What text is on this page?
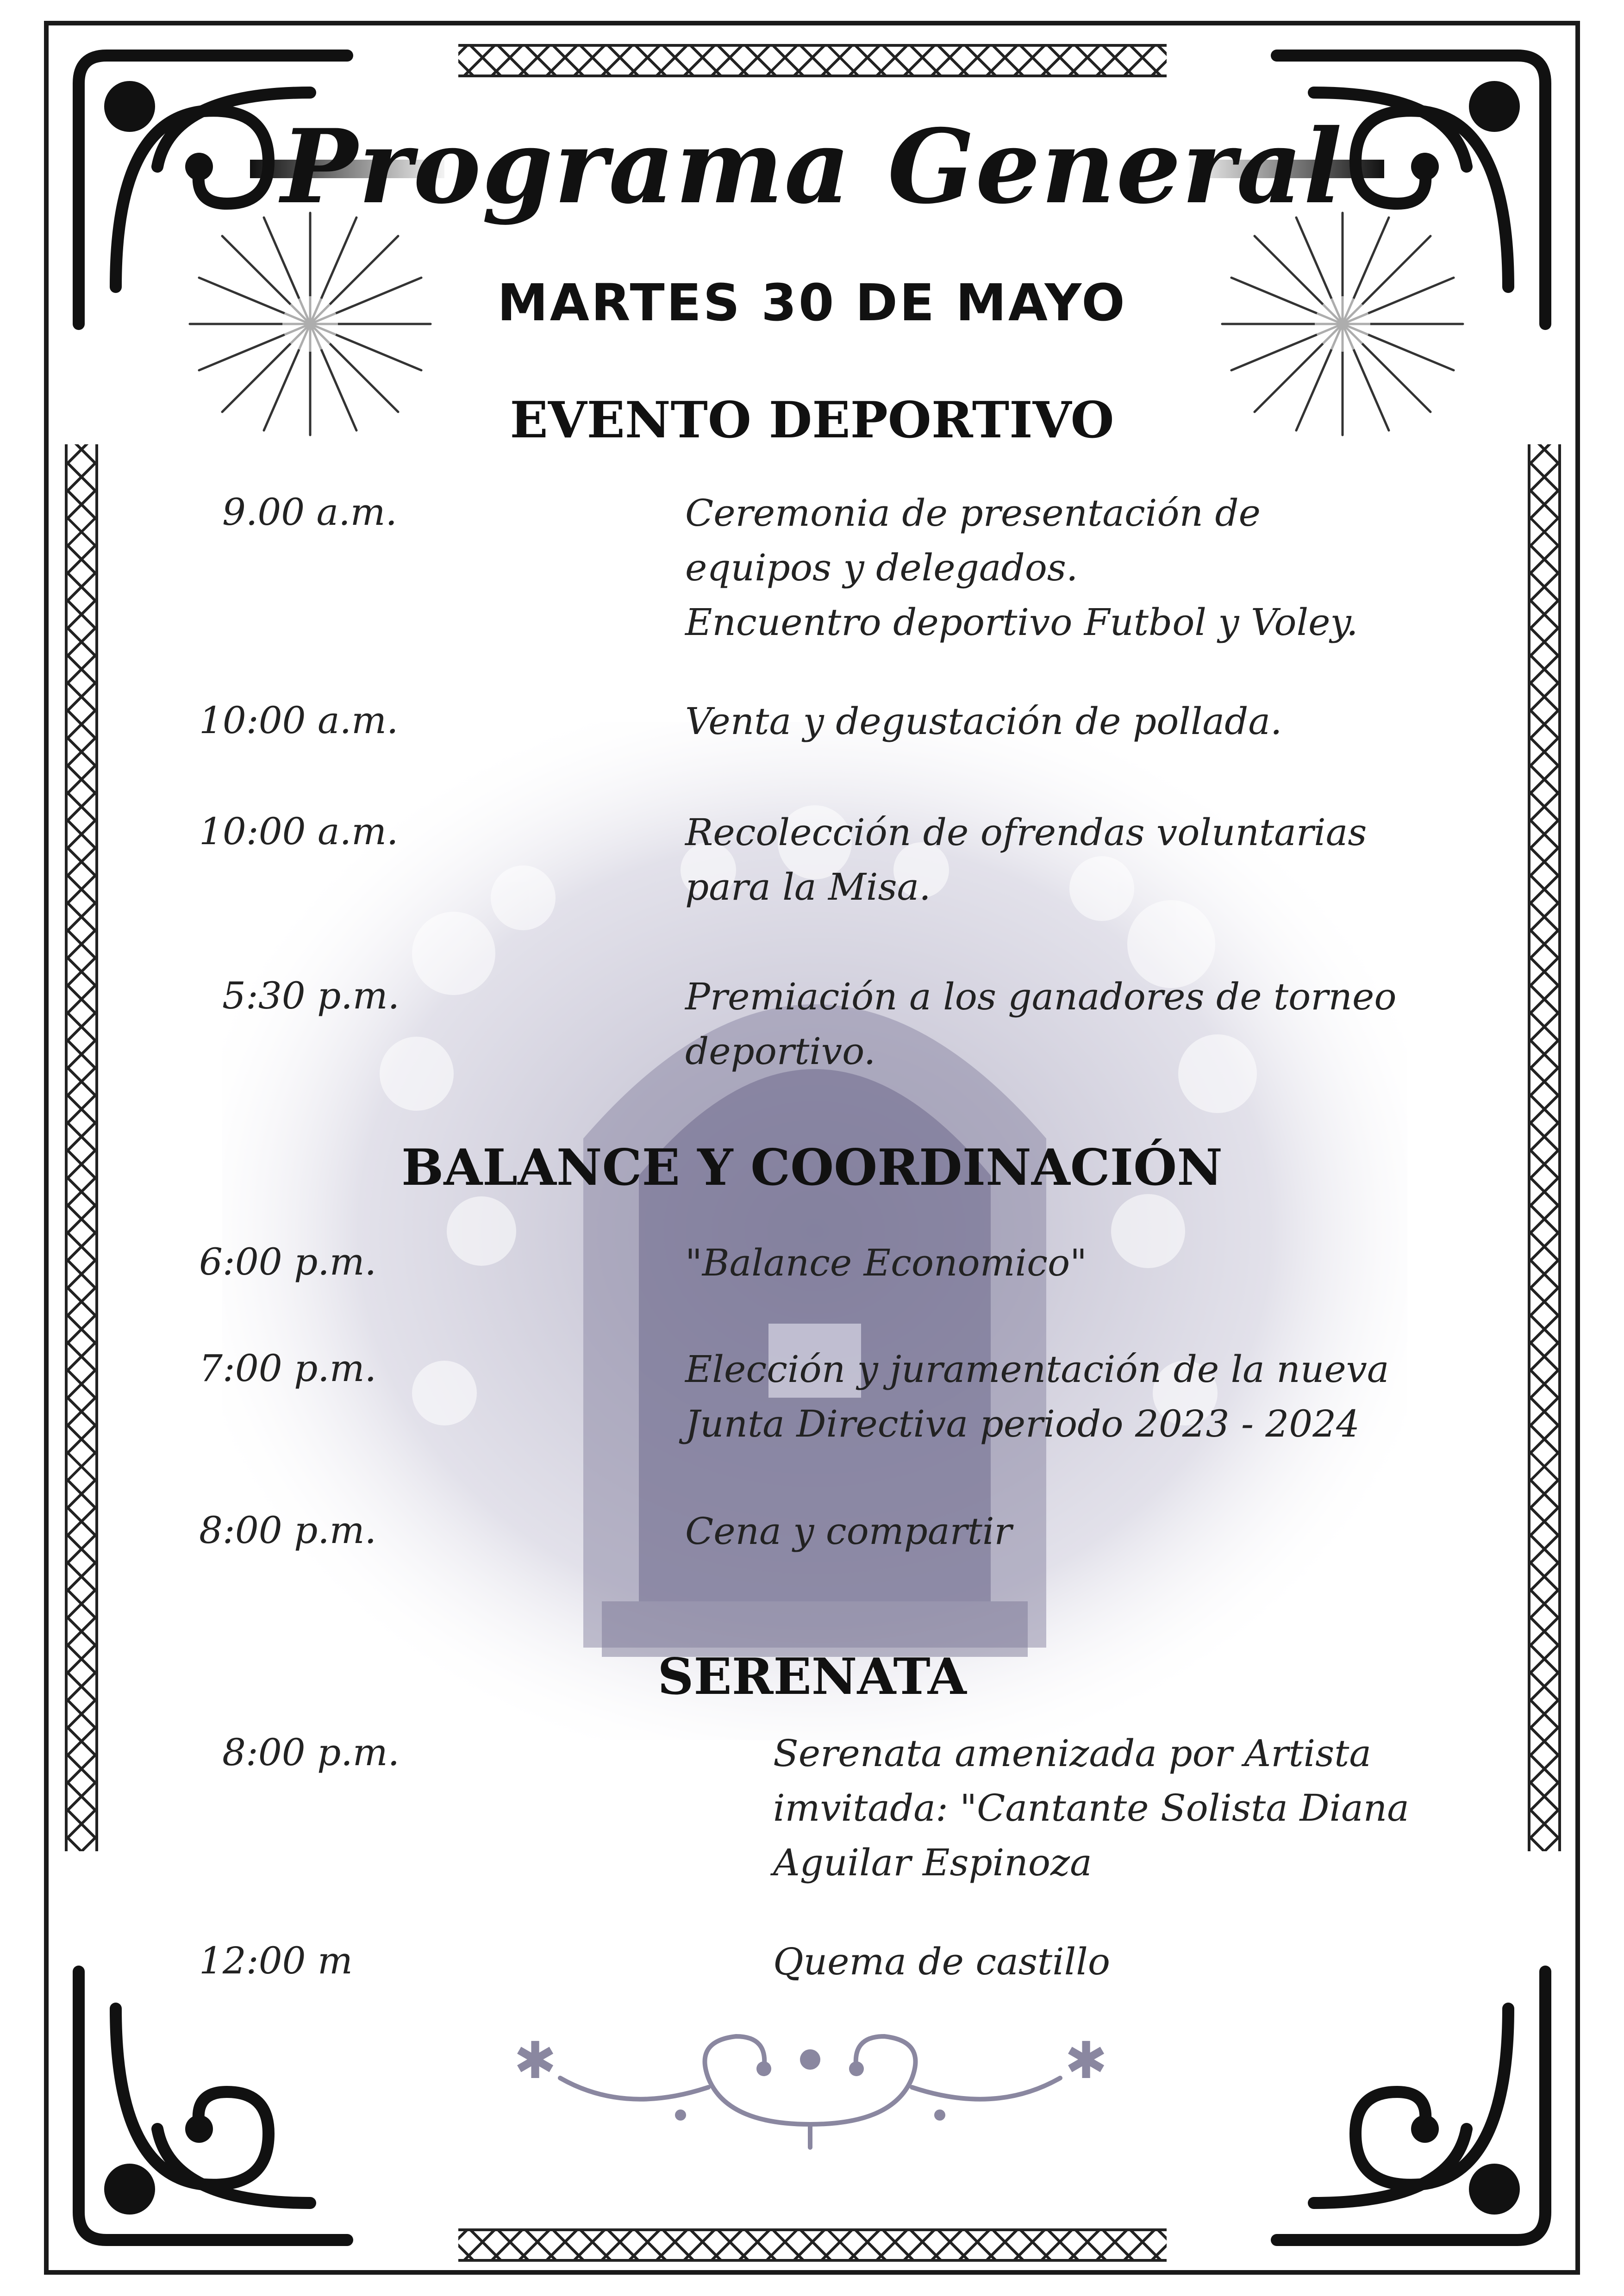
Programa General
MARTES 30 DE MAYO
EVENTO DEPORTIVO
9.00 a.m.	Ceremonia de presentación de
equipos y delegados.
Encuentro deportivo Futbol y Voley.
10:00 a.m.	Venta y degustación de pollada.
10:00 a.m.	Recolección de ofrendas voluntarias
para la Misa.
5:30 p.m.	Premiación a los ganadores de torneo
deportivo.
BALANCE Y COORDINACIÓN
6:00 p.m.	"Balance Economico"
7:00 p.m.	Elección y juramentación de la nueva
Junta Directiva periodo 2023 - 2024
8:00 p.m.	Cena y compartir
SERENATA
8:00 p.m.	Serenata amenizada por Artista
imvitada: "Cantante Solista Diana
Aguilar Espinoza
12:00 m	Quema de castillo
✱	✱
